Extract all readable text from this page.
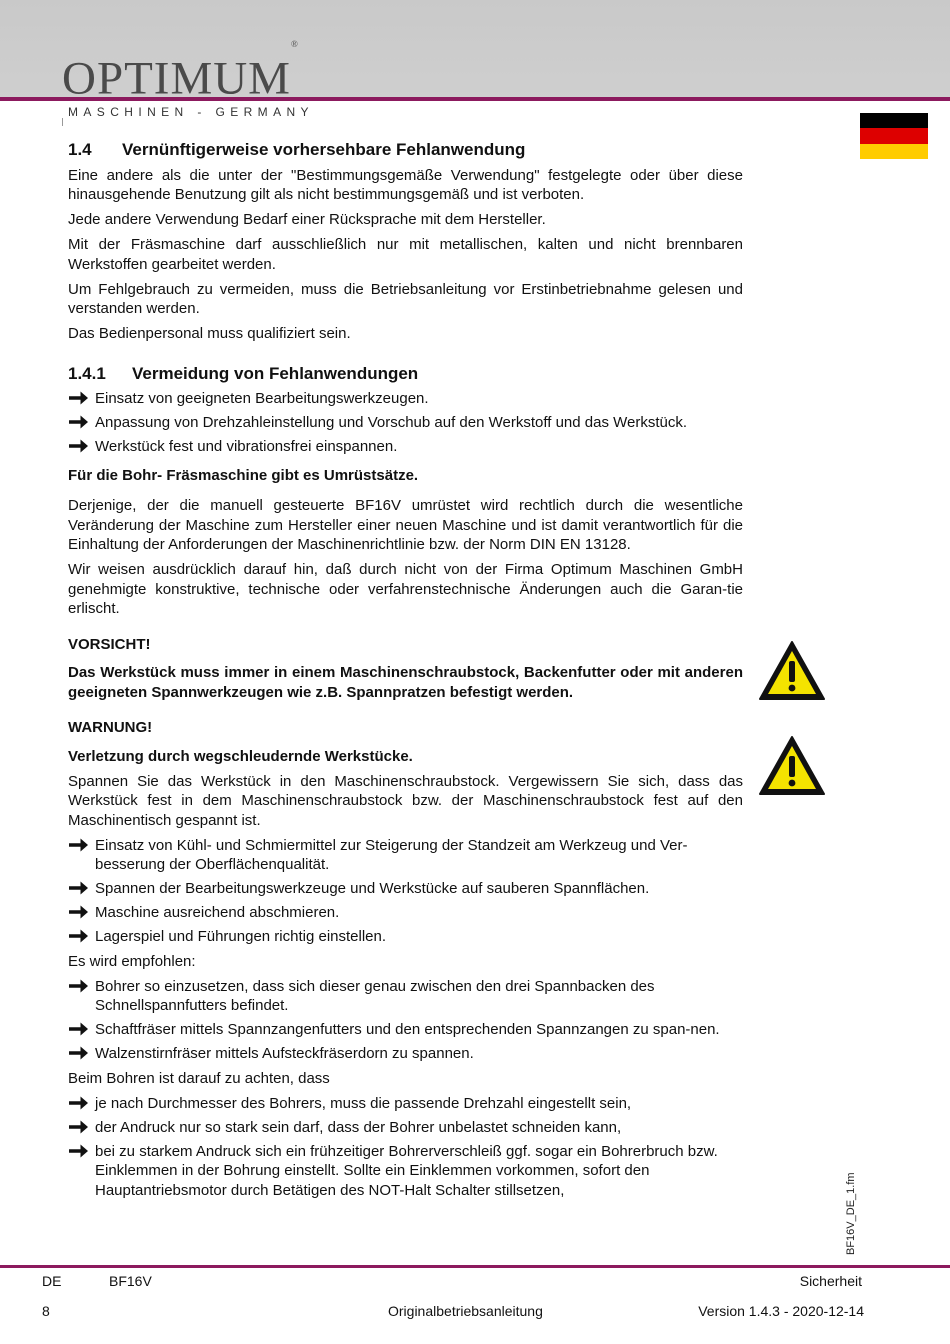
OPTIMUM®
MASCHINEN - GERMANY
1.4 Vernünftigerweise vorhersehbare Fehlanwendung

Eine andere als die unter der "Bestimmungsgemäße Verwendung" festgelegte oder über diese hinausgehende Benutzung gilt als nicht bestimmungsgemäß und ist verboten.

Jede andere Verwendung Bedarf einer Rücksprache mit dem Hersteller.

Mit der Fräsmaschine darf ausschließlich nur mit metallischen, kalten und nicht brennbaren Werkstoffen gearbeitet werden.

Um Fehlgebrauch zu vermeiden, muss die Betriebsanleitung vor Erstinbetriebnahme gelesen und verstanden werden.

Das Bedienpersonal muss qualifiziert sein.

1.4.1 Vermeidung von Fehlanwendungen
Einsatz von geeigneten Bearbeitungswerkzeugen.
Anpassung von Drehzahleinstellung und Vorschub auf den Werkstoff und das Werkstück.
Werkstück fest und vibrationsfrei einspannen.

Für die Bohr- Fräsmaschine gibt es Umrüstsätze.

Derjenige, der die manuell gesteuerte BF16V umrüstet wird rechtlich durch die wesentliche Veränderung der Maschine zum Hersteller einer neuen Maschine und ist damit verantwortlich für die Einhaltung der Anforderungen der Maschinenrichtlinie bzw. der Norm DIN EN 13128.

Wir weisen ausdrücklich darauf hin, daß durch nicht von der Firma Optimum Maschinen GmbH genehmigte konstruktive, technische oder verfahrenstechnische Änderungen auch die Garan-tie erlischt.

VORSICHT!

Das Werkstück muss immer in einem Maschinenschraubstock, Backenfutter oder mit anderen geeigneten Spannwerkzeugen wie z.B. Spannpratzen befestigt werden.

WARNUNG!

Verletzung durch wegschleudernde Werkstücke.

Spannen Sie das Werkstück in den Maschinenschraubstock. Vergewissern Sie sich, dass das Werkstück fest in dem Maschinenschraubstock bzw. der Maschinenschraubstock fest auf den Maschinentisch gespannt ist.

Einsatz von Kühl- und Schmiermittel zur Steigerung der Standzeit am Werkzeug und Ver-besserung der Oberflächenqualität.
Spannen der Bearbeitungswerkzeuge und Werkstücke auf sauberen Spannflächen.
Maschine ausreichend abschmieren.
Lagerspiel und Führungen richtig einstellen.

Es wird empfohlen:

Bohrer so einzusetzen, dass sich dieser genau zwischen den drei Spannbacken des Schnellspannfutters befindet.
Schaftfräser mittels Spannzangenfutters und den entsprechenden Spannzangen zu span-nen.
Walzenstirnfräser mittels Aufsteckfräserdorn zu spannen.

Beim Bohren ist darauf zu achten, dass

je nach Durchmesser des Bohrers, muss die passende Drehzahl eingestellt sein,
der Andruck nur so stark sein darf, dass der Bohrer unbelastet schneiden kann,
bei zu starkem Andruck sich ein frühzeitiger Bohrerverschleiß ggf. sogar ein Bohrerbruch bzw. Einklemmen in der Bohrung einstellt. Sollte ein Einklemmen vorkommen, sofort den Hauptantriebsmotor durch Betätigen des NOT-Halt Schalter stillsetzen,	BF16V_DE_1.fm
DE	BF16V	Sicherheit
8	Originalbetriebsanleitung	Version 1.4.3 - 2020-12-14
